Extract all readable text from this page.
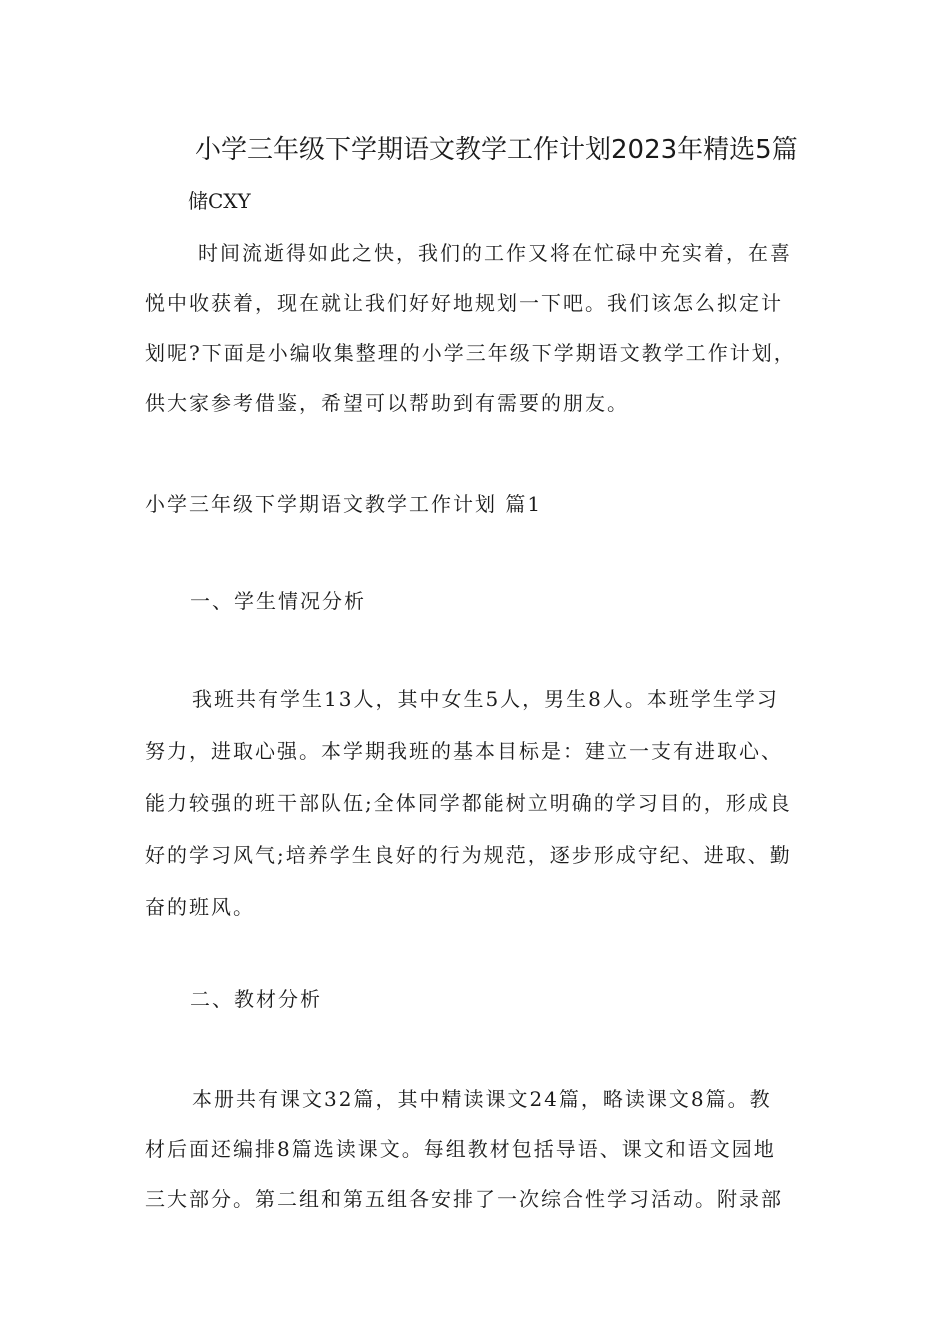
小学三年级下学期语文教学工作计划2023年精选5篇
储CXY
时间流逝得如此之快，我们的工作又将在忙碌中充实着，在喜
悦中收获着，现在就让我们好好地规划一下吧。我们该怎么拟定计
划呢?下面是小编收集整理的小学三年级下学期语文教学工作计划，
供大家参考借鉴，希望可以帮助到有需要的朋友。
小学三年级下学期语文教学工作计划 篇1
一、学生情况分析
我班共有学生13人，其中女生5人，男生8人。本班学生学习
努力，进取心强。本学期我班的基本目标是：建立一支有进取心、
能力较强的班干部队伍;全体同学都能树立明确的学习目的，形成良
好的学习风气;培养学生良好的行为规范，逐步形成守纪、进取、勤
奋的班风。
二、教材分析
本册共有课文32篇，其中精读课文24篇，略读课文8篇。教
材后面还编排8篇选读课文。每组教材包括导语、课文和语文园地
三大部分。第二组和第五组各安排了一次综合性学习活动。附录部
